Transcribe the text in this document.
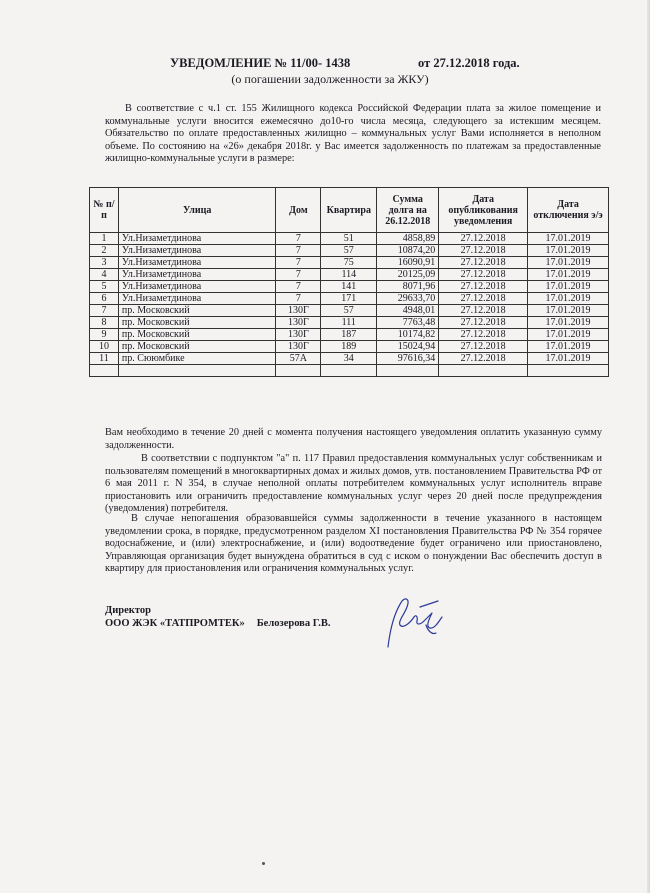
УВЕДОМЛЕНИЕ № 11/00- 1438	от 27.12.2018 года.
(о погашении задолженности за ЖКУ)
В соответствие с ч.1 ст. 155 Жилищного кодекса Российской Федерации плата за жилое помещение и коммунальные услуги вносится ежемесячно до10-го числа месяца, следующего за истекшим месяцем. Обязательство по оплате предоставленных жилищно – коммунальных услуг Вами исполняется в неполном объеме. По состоянию на «26» декабря 2018г. у Вас имеется задолженность по платежам за предоставленные жилищно-коммунальные услуги в размере:
№ п/п	Улица	Дом	Квартира	Сумма долга на 26.12.2018	Дата опубликования уведомления	Дата отключения э/э
1	Ул.Низаметдинова	7	51	4858,89	27.12.2018	17.01.2019
2	Ул.Низаметдинова	7	57	10874,20	27.12.2018	17.01.2019
3	Ул.Низаметдинова	7	75	16090,91	27.12.2018	17.01.2019
4	Ул.Низаметдинова	7	114	20125,09	27.12.2018	17.01.2019
5	Ул.Низаметдинова	7	141	8071,96	27.12.2018	17.01.2019
6	Ул.Низаметдинова	7	171	29633,70	27.12.2018	17.01.2019
7	пр. Московский	130Г	57	4948,01	27.12.2018	17.01.2019
8	пр. Московский	130Г	111	7763,48	27.12.2018	17.01.2019
9	пр. Московский	130Г	187	10174,82	27.12.2018	17.01.2019
10	пр. Московский	130Г	189	15024,94	27.12.2018	17.01.2019
11	пр. Сююмбике	57А	34	97616,34	27.12.2018	17.01.2019

Вам необходимо в течение 20 дней с момента получения настоящего уведомления оплатить указанную сумму задолженности.
В соответствии с подпунктом "а" п. 117 Правил предоставления коммунальных услуг собственникам и пользователям помещений в многоквартирных домах и жилых домов, утв. постановлением Правительства РФ от 6 мая 2011 г. N 354, в случае неполной оплаты потребителем коммунальных услуг исполнитель вправе приостановить или ограничить предоставление коммунальных услуг через 20 дней после предупреждения (уведомления) потребителя.
В случае непогашения образовавшейся суммы задолженности в течение указанного в настоящем уведомлении срока, в порядке, предусмотренном разделом XI постановления Правительства РФ № 354 горячее водоснабжение, и (или) электроснабжение, и (или) водоотведение будет ограничено или приостановлено, Управляющая организация будет вынуждена обратиться в суд с иском о понуждении Вас обеспечить доступ в квартиру для приостановления или ограничения коммунальных услуг.
Директор
ООО ЖЭК «ТАТПРОМТЕК» Белозерова Г.В.
